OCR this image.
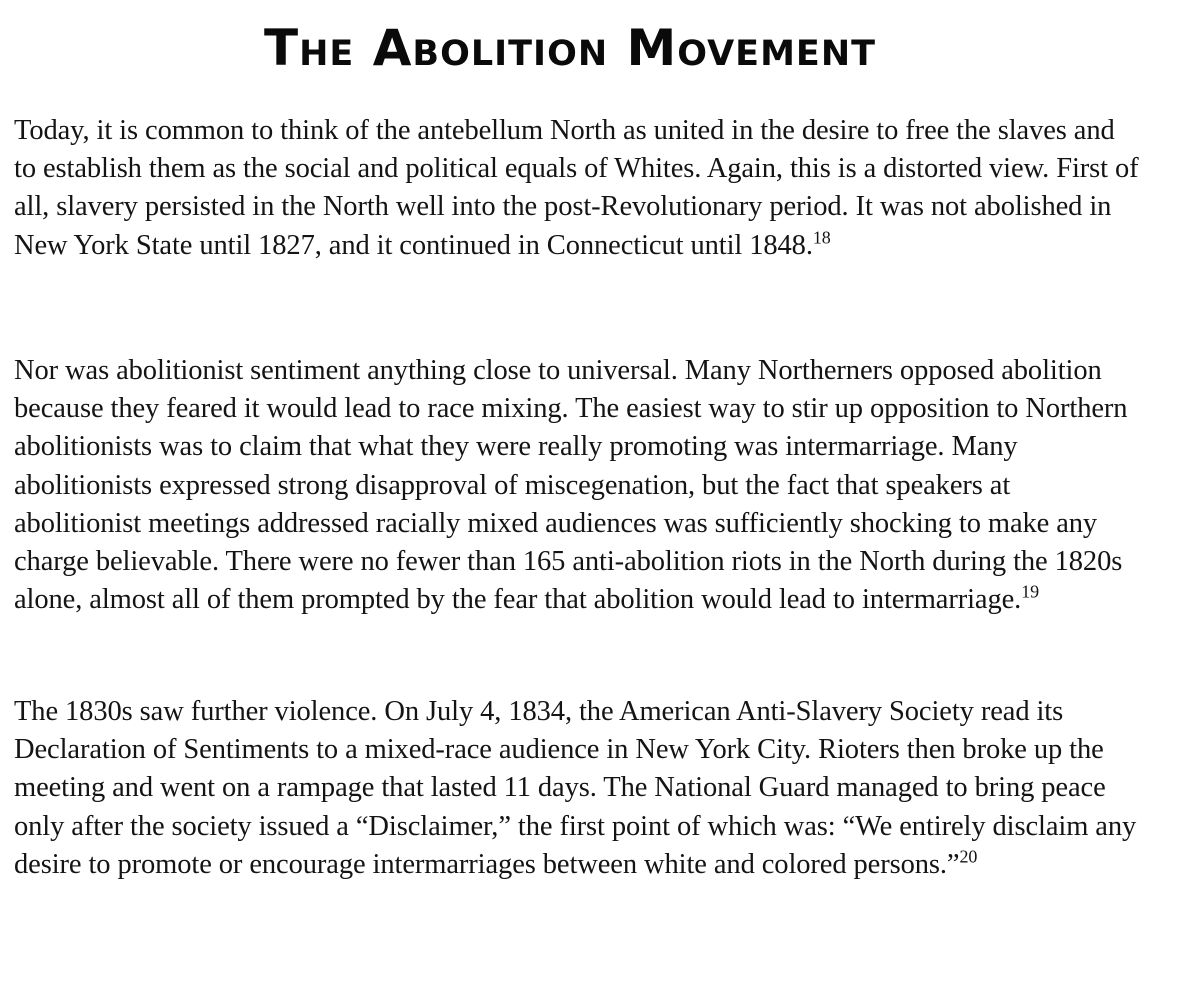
The Abolition Movement

Today, it is common to think of the antebellum North as united in the desire to free the slaves and to establish them as the social and political equals of Whites. Again, this is a distorted view. First of all, slavery persisted in the North well into the post-Revolutionary period. It was not abolished in New York State until 1827, and it continued in Connecticut until 1848.18

Nor was abolitionist sentiment anything close to universal. Many Northerners opposed abolition because they feared it would lead to race mixing. The easiest way to stir up opposition to Northern abolitionists was to claim that what they were really promoting was intermarriage. Many abolitionists expressed strong disapproval of miscegenation, but the fact that speakers at abolitionist meetings addressed racially mixed audiences was sufficiently shocking to make any charge believable. There were no fewer than 165 anti-abolition riots in the North during the 1820s alone, almost all of them prompted by the fear that abolition would lead to intermarriage.$^{19}$

The 1830s saw further violence. On July 4, 1834, the American Anti-Slavery Society read its Declaration of Sentiments to a mixed-race audience in New York City. Rioters then broke up the meeting and went on a rampage that lasted 11 days. The National Guard managed to bring peace only after the society issued a “Disclaimer,” the first point of which was: “We entirely disclaim any desire to promote or encourage intermarriages between white and colored persons.”$^{20}$
